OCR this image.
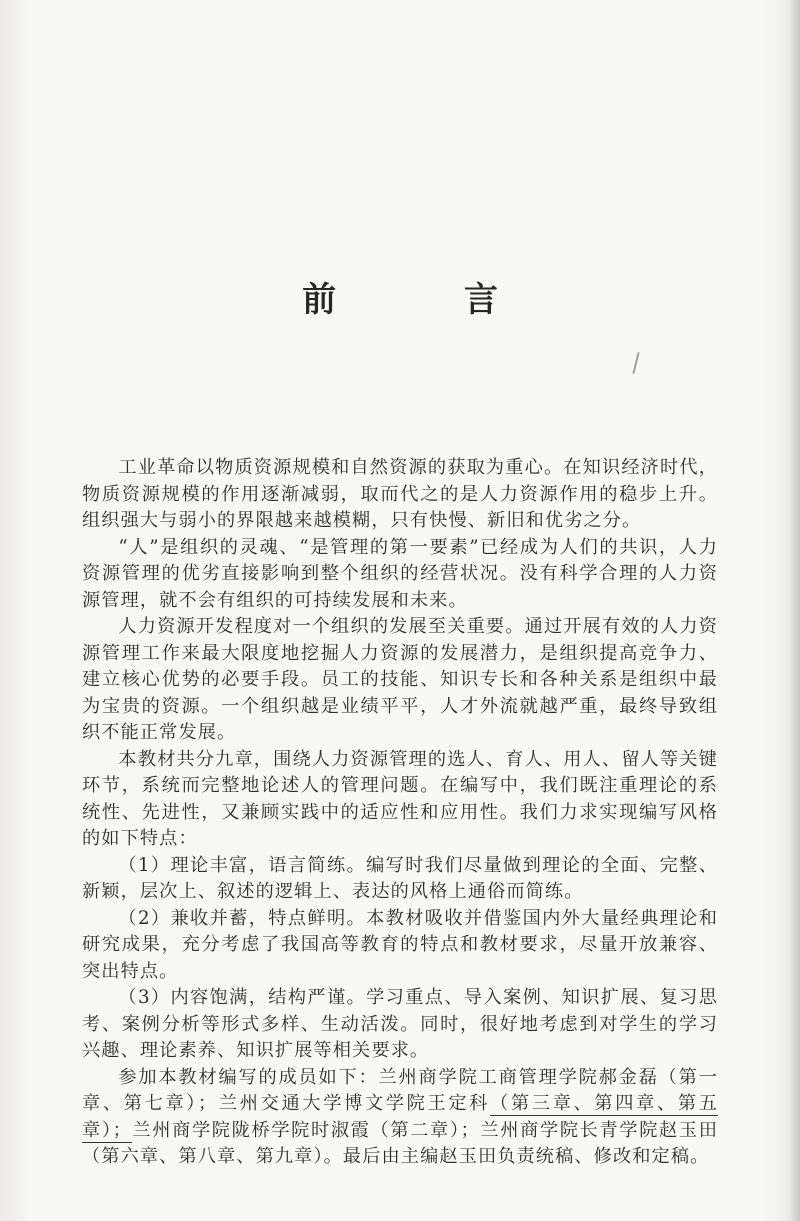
前 言

工业革命以物质资源规模和自然资源的获取为重心。在知识经济时代，物质资源规模的作用逐渐减弱，取而代之的是人力资源作用的稳步上升。组织强大与弱小的界限越来越模糊，只有快慢、新旧和优劣之分。

“人”是组织的灵魂、“是管理的第一要素”已经成为人们的共识，人力资源管理的优劣直接影响到整个组织的经营状况。没有科学合理的人力资源管理，就不会有组织的可持续发展和未来。

人力资源开发程度对一个组织的发展至关重要。通过开展有效的人力资源管理工作来最大限度地挖掘人力资源的发展潜力，是组织提高竞争力、建立核心优势的必要手段。员工的技能、知识专长和各种关系是组织中最为宝贵的资源。一个组织越是业绩平平，人才外流就越严重，最终导致组织不能正常发展。

本教材共分九章，围绕人力资源管理的选人、育人、用人、留人等关键环节，系统而完整地论述人的管理问题。在编写中，我们既注重理论的系统性、先进性，又兼顾实践中的适应性和应用性。我们力求实现编写风格的如下特点：

（1）理论丰富，语言简练。编写时我们尽量做到理论的全面、完整、新颖，层次上、叙述的逻辑上、表达的风格上通俗而简练。

（2）兼收并蓄，特点鲜明。本教材吸收并借鉴国内外大量经典理论和研究成果，充分考虑了我国高等教育的特点和教材要求，尽量开放兼容、突出特点。

（3）内容饱满，结构严谨。学习重点、导入案例、知识扩展、复习思考、案例分析等形式多样、生动活泼。同时，很好地考虑到对学生的学习兴趣、理论素养、知识扩展等相关要求。

参加本教材编写的成员如下：兰州商学院工商管理学院郝金磊（第一章、第七章）；兰州交通大学博文学院王定科（第三章、第四章、第五章）；兰州商学院陇桥学院时淑霞（第二章）；兰州商学院长青学院赵玉田（第六章、第八章、第九章）。最后由主编赵玉田负责统稿、修改和定稿。
